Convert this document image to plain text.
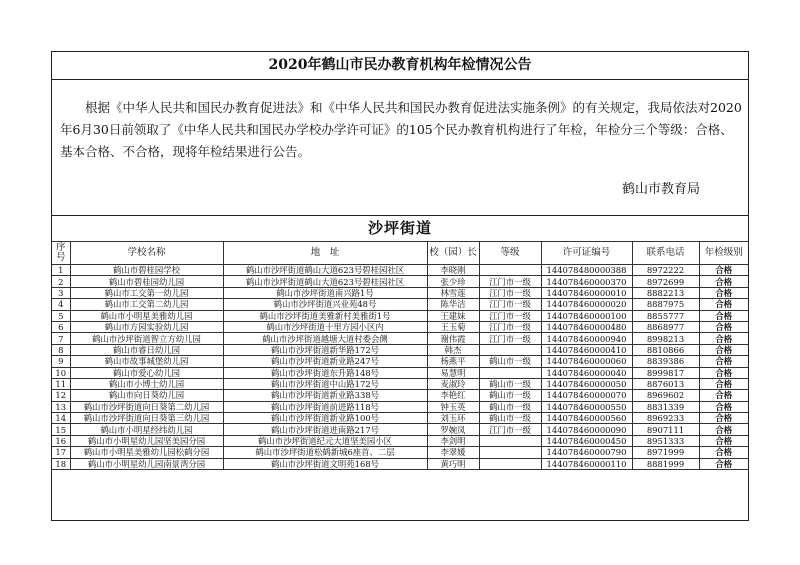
2020年鹤山市民办教育机构年检情况公告
根据《中华人民共和国民办教育促进法》和《中华人民共和国民办教育促进法实施条例》的有关规定，我局依法对2020年6月30日前领取了《中华人民共和国民办学校办学许可证》的105个民办教育机构进行了年检，年检分三个等级：合格、基本合格、不合格，现将年检结果进行公告。
鹤山市教育局
沙坪街道
序号	学校名称	地　址	校（园）长	等级	许可证编号	联系电话	年检级别
1	鹤山市碧桂园学校	鹤山市沙坪街道鹤山大道623号碧桂园社区	李晓刚		144078480000388	8972222	合格
2	鹤山市碧桂园幼儿园	鹤山市沙坪街道鹤山大道623号碧桂园社区	张少珍	江门市一级	144078460000370	8972699	合格
3	鹤山市工交第一幼儿园	鹤山市沙坪街道南兴路1号	林雪莲	江门市一级	144078460000010	8882213	合格
4	鹤山市工交第二幼儿园	鹤山市沙坪街道兴业苑48号	陈华洁	江门市一级	144078460000020	8887975	合格
5	鹤山市小明星美雅幼儿园	鹤山市沙坪街道美雅新村美雅街1号	王建妹	江门市一级	144078460000100	8855777	合格
6	鹤山市方园实验幼儿园	鹤山市沙坪街道十里方园小区内	王玉菊	江门市一级	144078460000480	8868977	合格
7	鹤山市沙坪街道智立方幼儿园	鹤山市沙坪街道越塘大道村委会侧	谢伟霞	江门市一级	144078460000940	8998213	合格
8	鹤山市睿日幼儿园	鹤山市沙坪街道新华路172号	韩杰		144078460000410	8810866	合格
9	鹤山市故事城堡幼儿园	鹤山市沙坪街道新业路247号	杨燕平	鹤山市一级	144078460000060	8839386	合格
10	鹤山市爱心幼儿园	鹤山市沙坪街道东升路148号	易慧明		144078460000040	8999817	合格
11	鹤山市小博士幼儿园	鹤山市沙坪街道中山路172号	麦淑玲	鹤山市一级	144078460000050	8876013	合格
12	鹤山市向日葵幼儿园	鹤山市沙坪街道新业路338号	李艳红	鹤山市一级	144078460000070	8969602	合格
13	鹤山市沙坪街道向日葵第二幼儿园	鹤山市沙坪街道前进路118号	钟玉英	鹤山市一级	144078460000550	8831339	合格
14	鹤山市沙坪街道向日葵第三幼儿园	鹤山市沙坪街道新业路100号	刘玉环	鹤山市一级	144078460000560	8969233	合格
15	鹤山市小明星经纬幼儿园	鹤山市沙坪街道进南路217号	罗婉凤	江门市一级	144078460000090	8907111	合格
16	鹤山市小明星幼儿园坚美园分园	鹤山市沙坪街道纪元大道坚美园小区	李剑明		144078460000450	8951333	合格
17	鹤山市小明星美雅幼儿园松鹤分园	鹤山市沙坪街道松鹤新城6座首、二层	李翠媛		144078460000790	8971999	合格
18	鹤山市小明星幼儿园南景湾分园	鹤山市沙坪街道文明苑168号	黄巧明		144078460000110	8881999	合格
